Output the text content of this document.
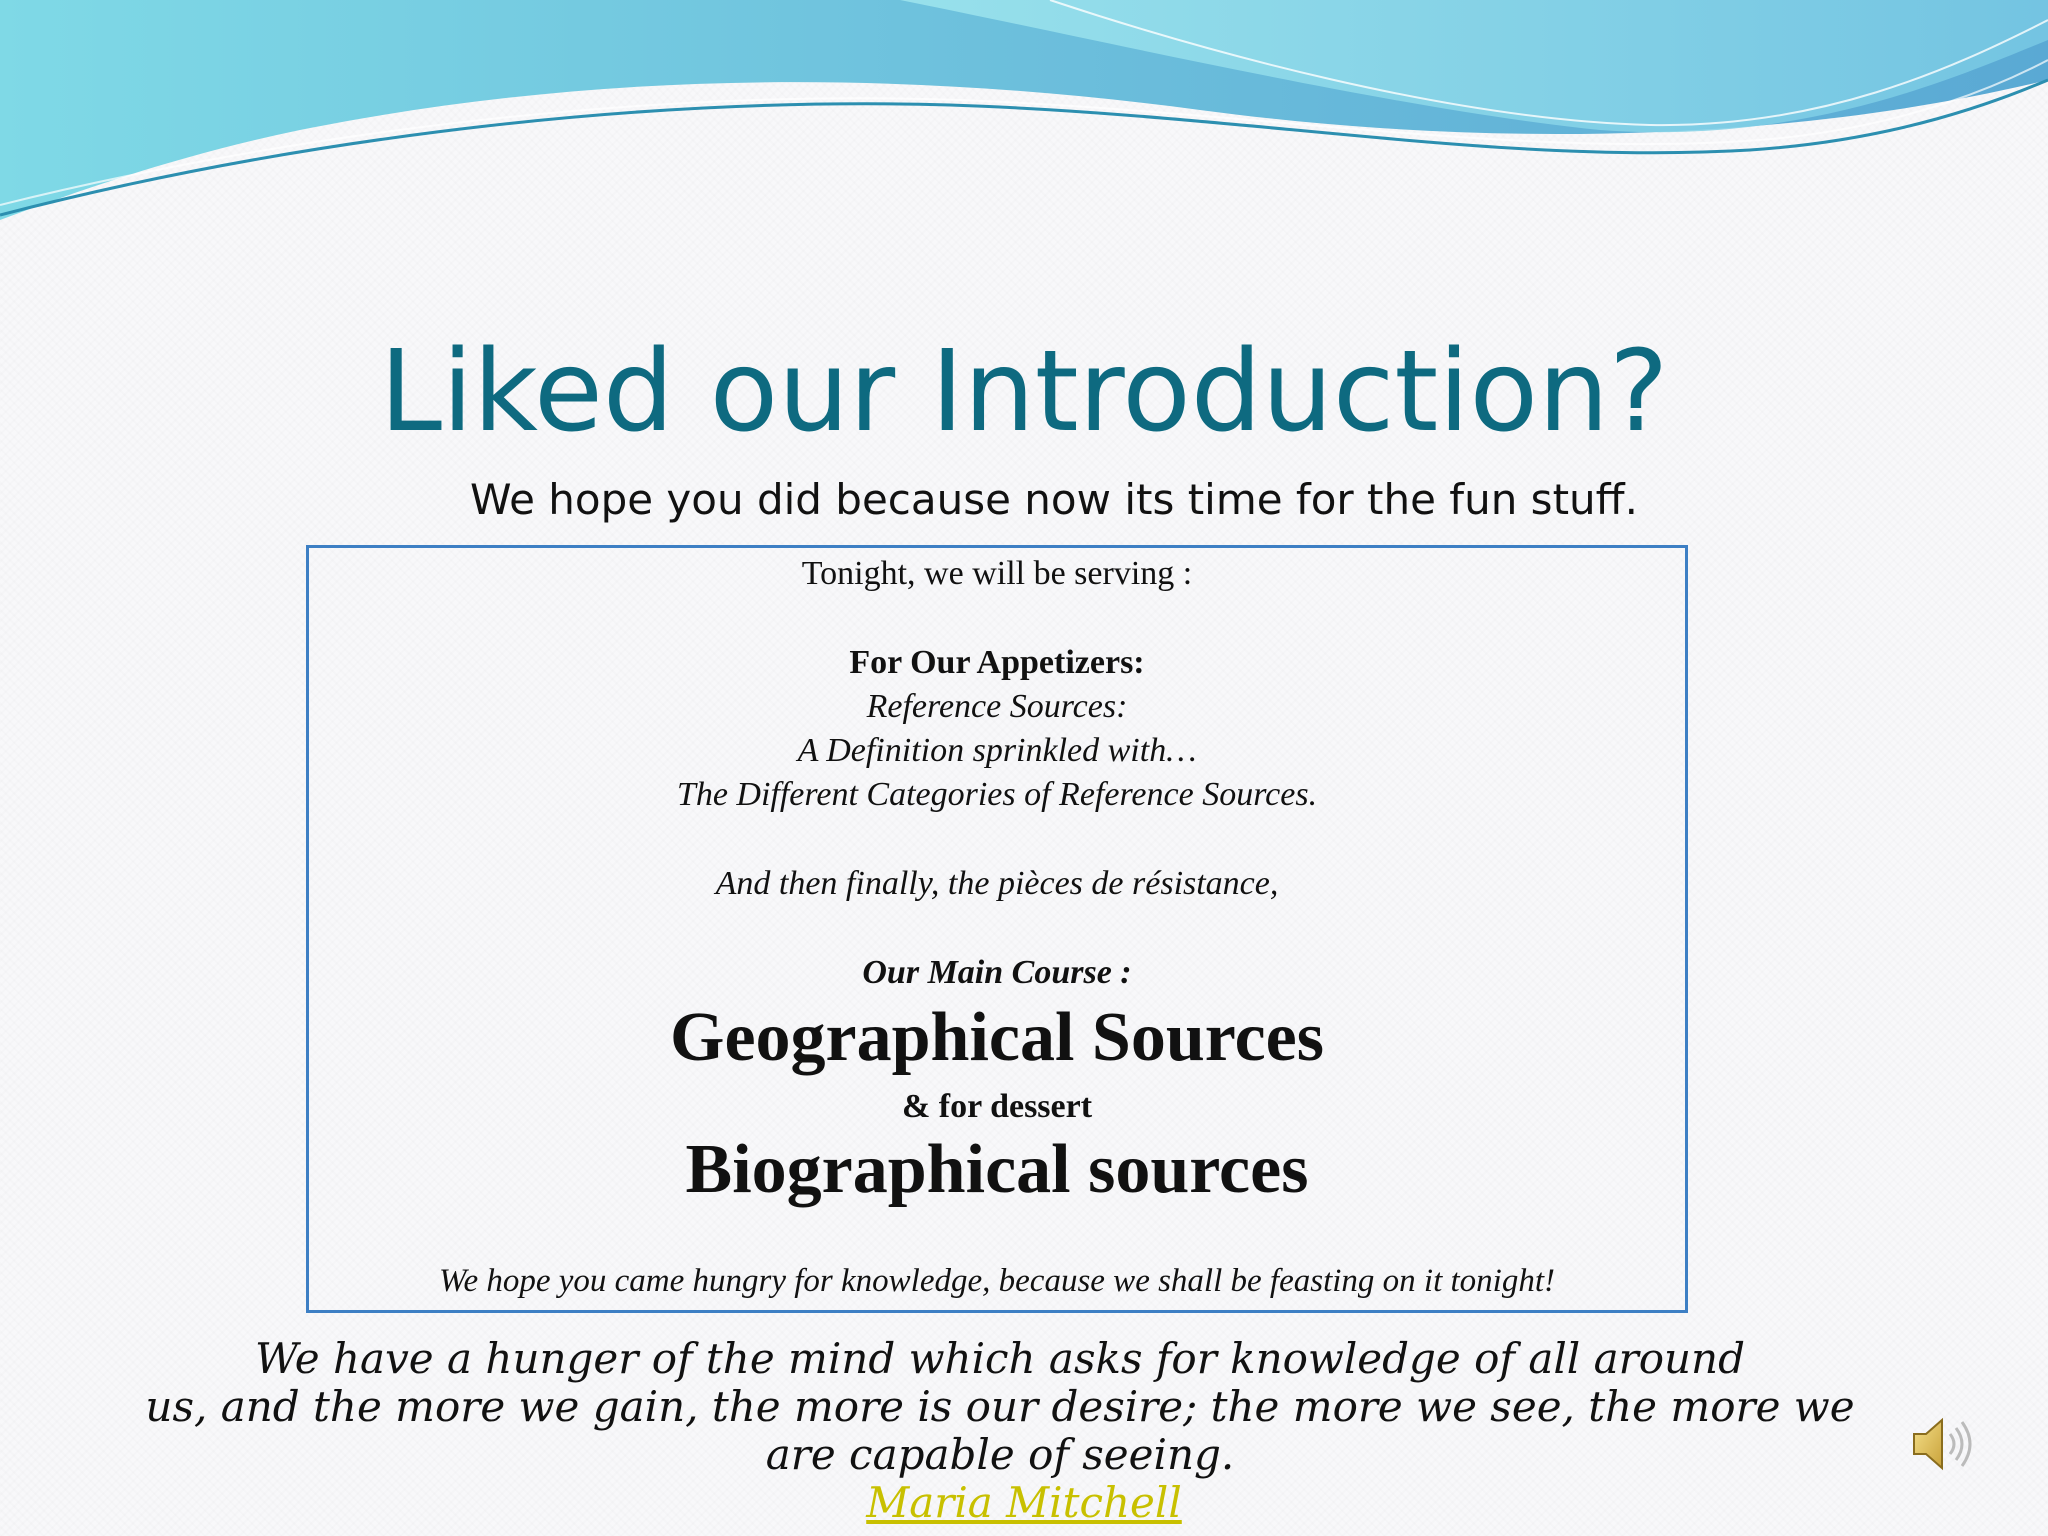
Liked our Introduction?
We hope you did because now its time for the fun stuff.
Tonight, we will be serving :
For Our Appetizers:
Reference Sources:
A Definition sprinkled with…
The Different Categories of Reference Sources.
And then finally, the pièces de résistance,
Our Main Course :
Geographical Sources
& for dessert
Biographical sources
We hope you came hungry for knowledge, because we shall be feasting on it tonight!
We have a hunger of the mind which asks for knowledge of all around
us, and the more we gain, the more is our desire; the more we see, the more we
are capable of seeing.
Maria Mitchell
